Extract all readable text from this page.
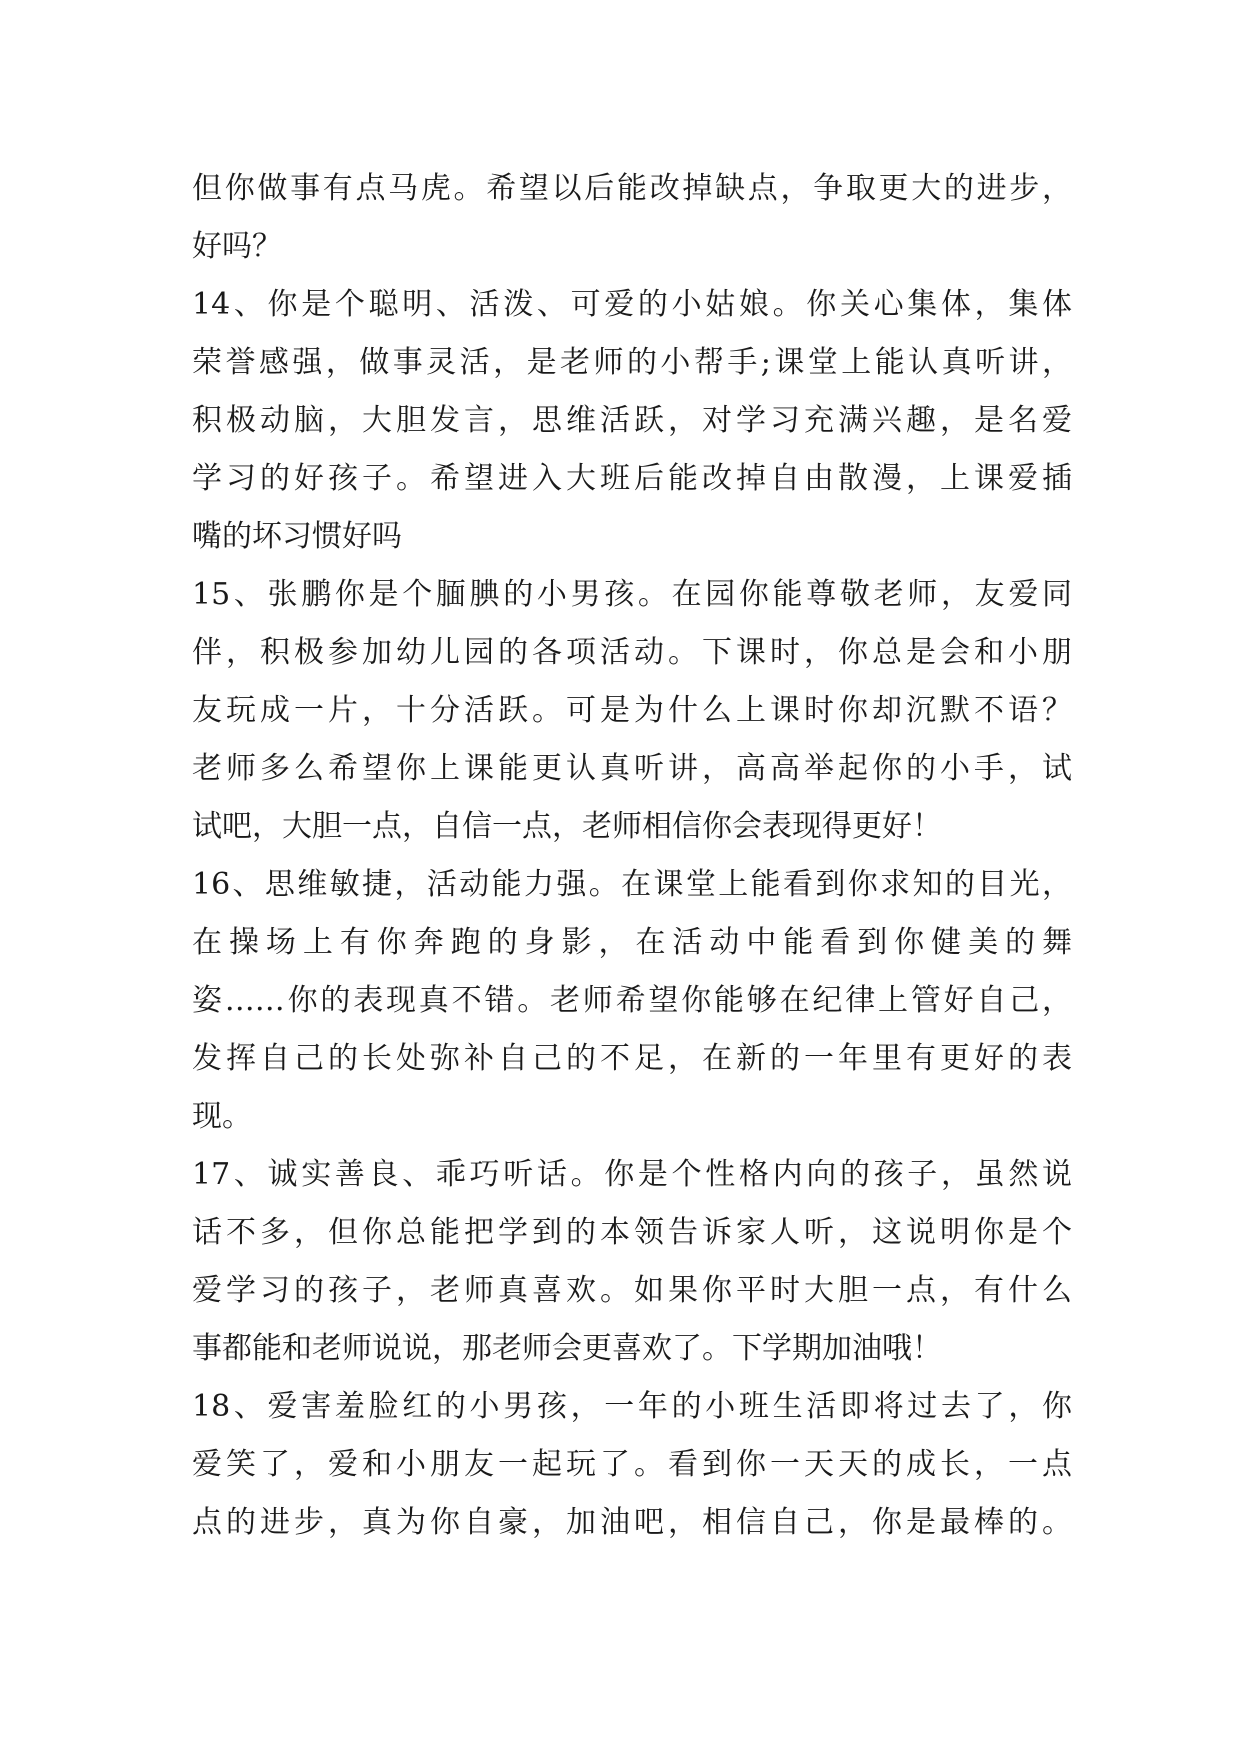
但你做事有点马虎。希望以后能改掉缺点，争取更大的进步，
好吗？
14、你是个聪明、活泼、可爱的小姑娘。你关心集体，集体
荣誉感强，做事灵活，是老师的小帮手;课堂上能认真听讲，
积极动脑，大胆发言，思维活跃，对学习充满兴趣，是名爱
学习的好孩子。希望进入大班后能改掉自由散漫，上课爱插
嘴的坏习惯好吗
15、张鹏你是个腼腆的小男孩。在园你能尊敬老师，友爱同
伴，积极参加幼儿园的各项活动。下课时，你总是会和小朋
友玩成一片，十分活跃。可是为什么上课时你却沉默不语？
老师多么希望你上课能更认真听讲，高高举起你的小手，试
试吧，大胆一点，自信一点，老师相信你会表现得更好！
16、思维敏捷，活动能力强。在课堂上能看到你求知的目光，
在操场上有你奔跑的身影，在活动中能看到你健美的舞
姿……你的表现真不错。老师希望你能够在纪律上管好自己，
发挥自己的长处弥补自己的不足，在新的一年里有更好的表
现。
17、诚实善良、乖巧听话。你是个性格内向的孩子，虽然说
话不多，但你总能把学到的本领告诉家人听，这说明你是个
爱学习的孩子，老师真喜欢。如果你平时大胆一点，有什么
事都能和老师说说，那老师会更喜欢了。下学期加油哦！
18、爱害羞脸红的小男孩，一年的小班生活即将过去了，你
爱笑了，爱和小朋友一起玩了。看到你一天天的成长，一点
点的进步，真为你自豪，加油吧，相信自己，你是最棒的。
